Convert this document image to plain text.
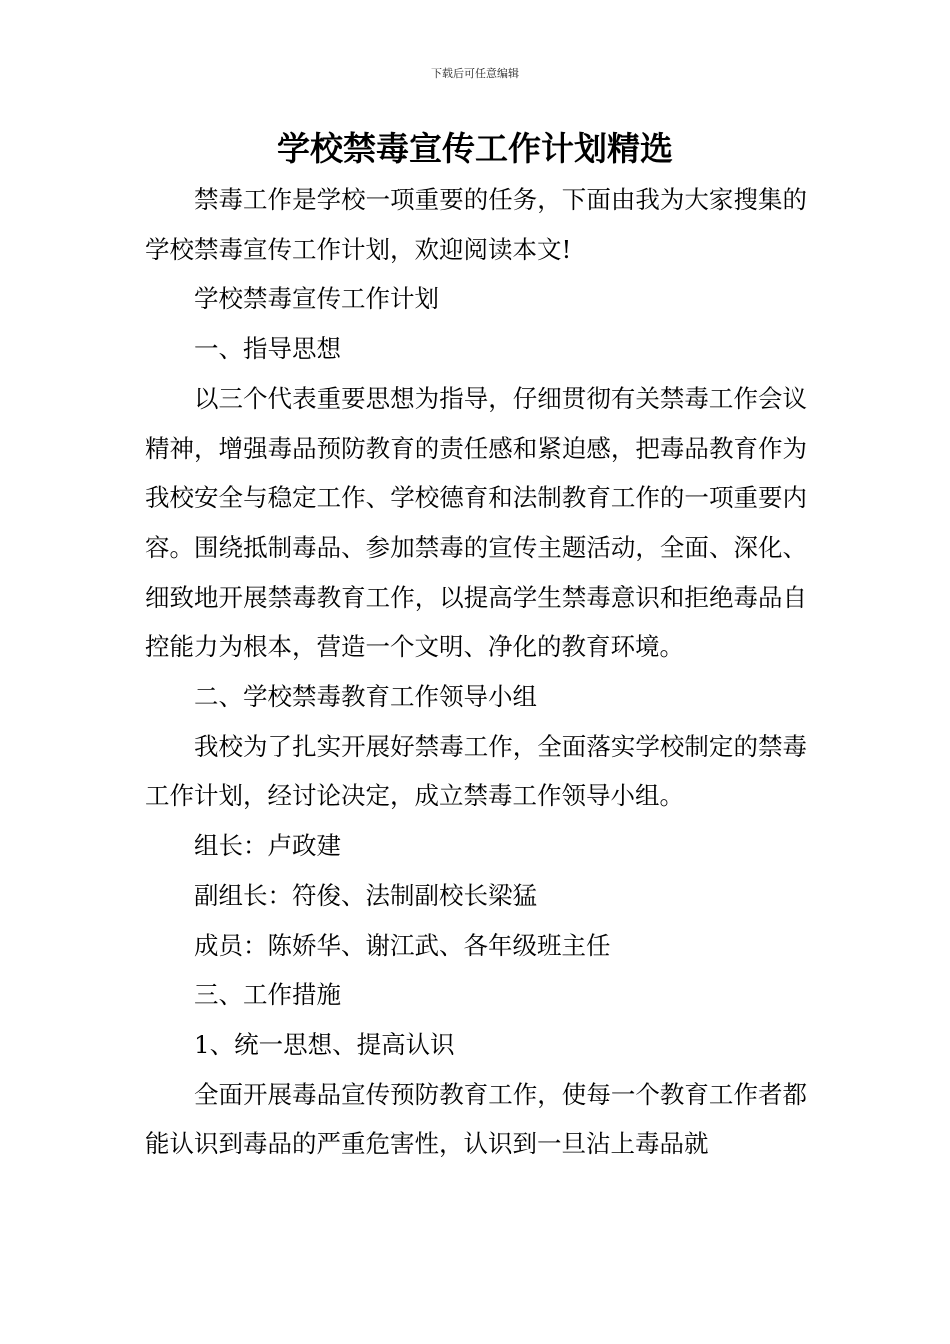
下载后可任意编辑
学校禁毒宣传工作计划精选

禁毒工作是学校一项重要的任务，下面由我为大家搜集的学校禁毒宣传工作计划，欢迎阅读本文!

学校禁毒宣传工作计划

一、指导思想

以三个代表重要思想为指导，仔细贯彻有关禁毒工作会议精神，增强毒品预防教育的责任感和紧迫感，把毒品教育作为我校安全与稳定工作、学校德育和法制教育工作的一项重要内容。围绕抵制毒品、参加禁毒的宣传主题活动，全面、深化、细致地开展禁毒教育工作，以提高学生禁毒意识和拒绝毒品自控能力为根本，营造一个文明、净化的教育环境。

二、学校禁毒教育工作领导小组

我校为了扎实开展好禁毒工作，全面落实学校制定的禁毒工作计划，经讨论决定，成立禁毒工作领导小组。

组长：卢政建

副组长：符俊、法制副校长梁猛

成员：陈娇华、谢江武、各年级班主任

三、工作措施

1、统一思想、提高认识

全面开展毒品宣传预防教育工作，使每一个教育工作者都能认识到毒品的严重危害性，认识到一旦沾上毒品就
